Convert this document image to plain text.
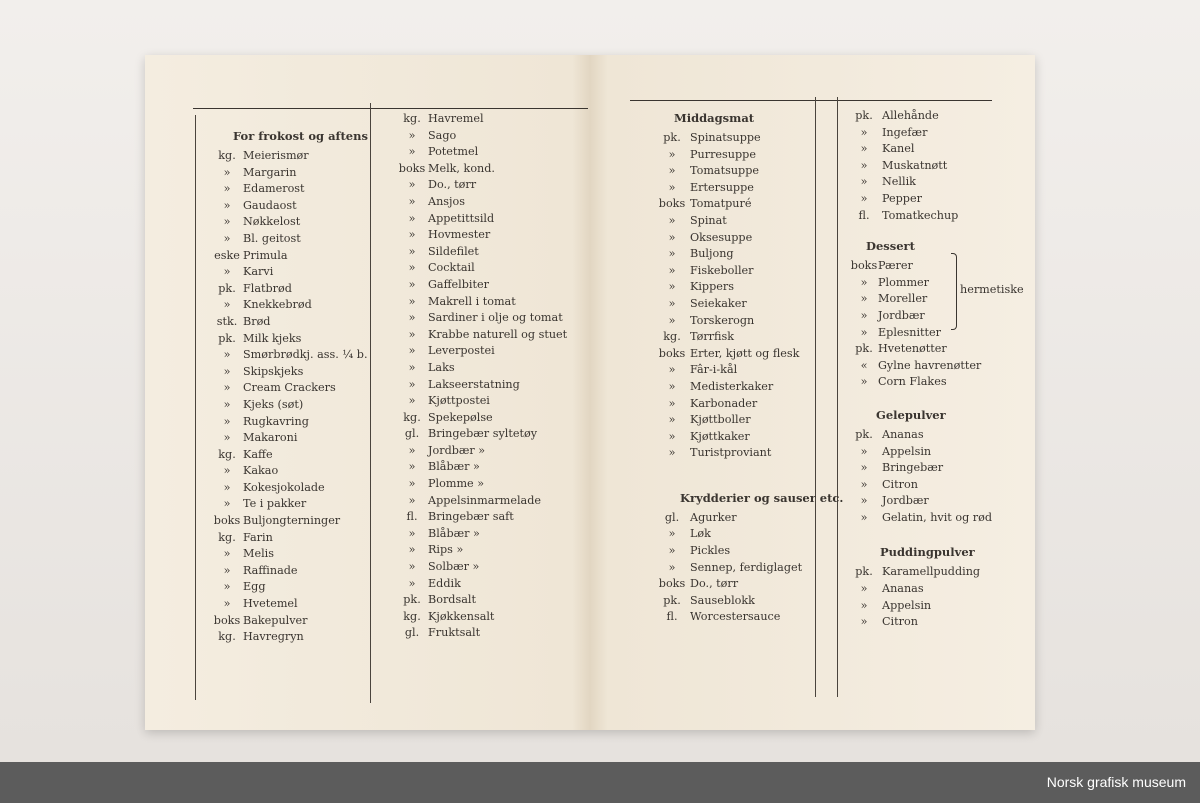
For frokost og aftens
kg. Meierismør
»	Margarin
»	Edamerost
»	Gaudaost
»	Nøkkelost
»	Bl. geitost
eske Primula
»	Karvi
pk. Flatbrød
»	Knekkebrød
stk. Brød
pk. Milk kjeks
»	Smørbrødkj. ass. ¼ b.
»	Skipskjeks
»	Cream Crackers
»	Kjeks (søt)
»	Rugkavring
»	Makaroni
kg. Kaffe
»	Kakao
»	Kokesjokolade
»	Te i pakker
boks Buljongterninger
kg. Farin
»	Melis
»	Raffinade
»	Egg
»	Hvetemel
boks Bakepulver
kg. Havregryn
kg. Havremel
»	Sago
»	Potetmel
boks Melk, kond.
»	Do., tørr
»	Ansjos
»	Appetittsild
»	Hovmester
»	Sildefilet
»	Cocktail
»	Gaffelbiter
»	Makrell i tomat
»	Sardiner i olje og tomat
»	Krabbe naturell og stuet
»	Leverpostei
»	Laks
»	Lakseerstatning
»	Kjøttpostei
kg. Spekepølse
gl. Bringebær syltetøy
»	Jordbær »
»	Blåbær »
»	Plomme »
»	Appelsinmarmelade
fl. Bringebær saft
»	Blåbær »
»	Rips »
»	Solbær »
»	Eddik
pk. Bordsalt
kg. Kjøkkensalt
gl. Fruktsalt
Middagsmat
pk. Spinatsuppe
»	Purresuppe
»	Tomatsuppe
»	Ertersuppe
boks Tomatpuré
»	Spinat
»	Oksesuppe
»	Buljong
»	Fiskeboller
»	Kippers
»	Seiekaker
»	Torskerogn
kg. Tørrfisk
boks Erter, kjøtt og flesk
»	Fâr-i-kål
»	Medisterkaker
»	Karbonader
»	Kjøttboller
»	Kjøttkaker
»	Turistproviant
Krydderier og sauser etc.
gl. Agurker
»	Løk
»	Pickles
»	Sennep, ferdiglaget
boks Do., tørr
pk. Sauseblokk
fl.	Worcestersauce
pk. Allehånde
»	Ingefær
»	Kanel
»	Muskatnøtt
»	Nellik
»	Pepper
fl.	Tomatkechup
Dessert
boks Pærer
» Plommer
» Moreller
» Jordbær
» Eplesnitter
pk. Hvetenøtter
« Gylne havrenøtter
» Corn Flakes
Gelepulver
pk. Ananas
»	Appelsin
»	Bringebær
»	Citron
»	Jordbær
»	Gelatin, hvit og rød
Puddingpulver
pk. Karamellpudding
»	Ananas
»	Appelsin
»	Citron
hermetiske
Norsk grafisk museum
